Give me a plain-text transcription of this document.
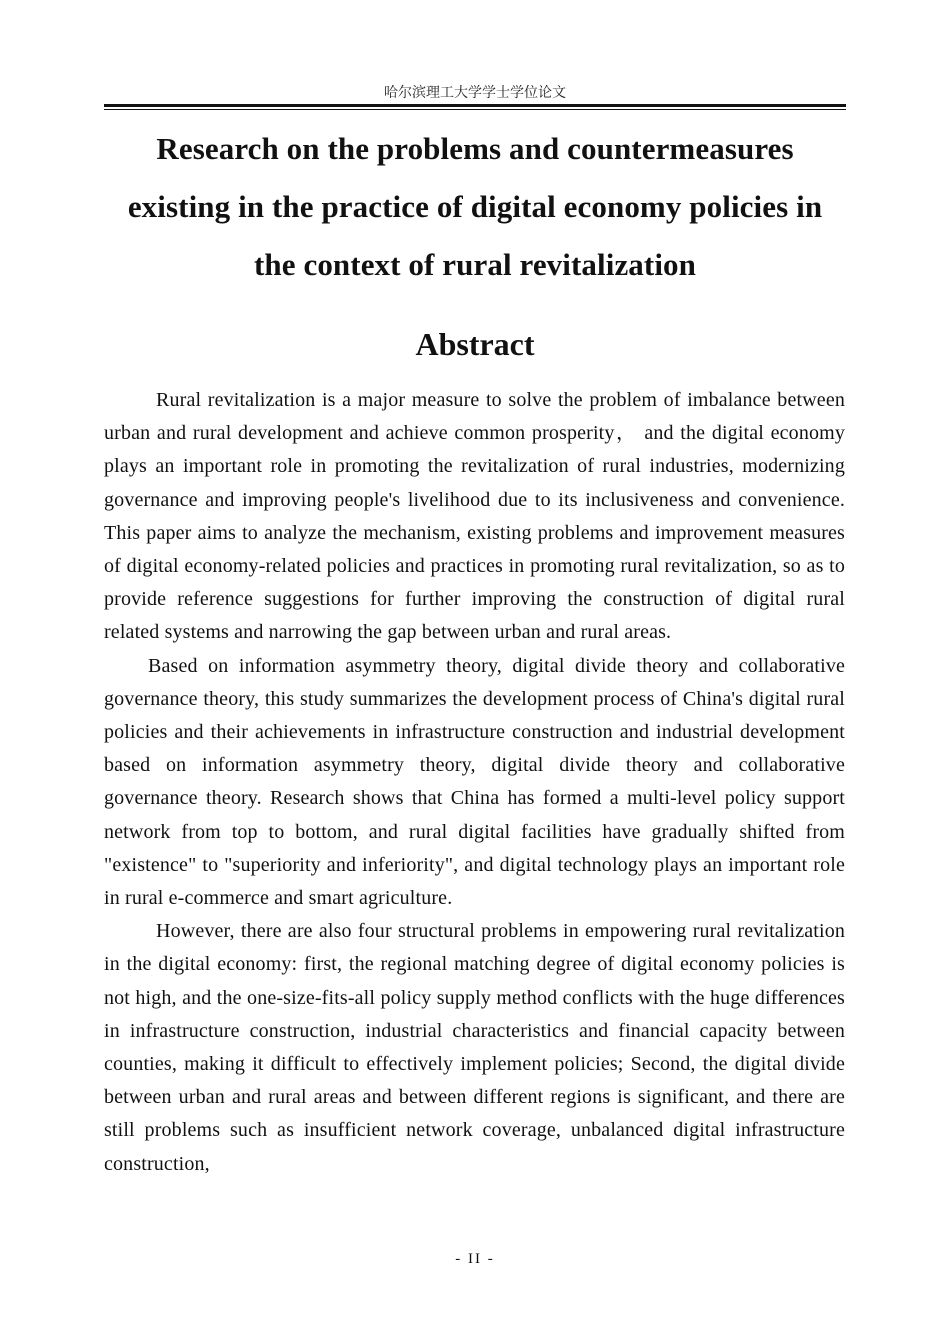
哈尔滨理工大学学士学位论文
Research on the problems and countermeasures existing in the practice of digital economy policies in the context of rural revitalization
Abstract

Rural revitalization is a major measure to solve the problem of imbalance between urban and rural development and achieve common prosperity， and the digital economy plays an important role in promoting the revitalization of rural industries, modernizing governance and improving people's livelihood due to its inclusiveness and convenience. This paper aims to analyze the mechanism, existing problems and improvement measures of digital economy-related policies and practices in promoting rural revitalization, so as to provide reference suggestions for further improving the construction of digital rural related systems and narrowing the gap between urban and rural areas.

Based on information asymmetry theory, digital divide theory and collaborative governance theory, this study summarizes the development process of China's digital rural policies and their achievements in infrastructure construction and industrial development based on information asymmetry theory, digital divide theory and collaborative governance theory. Research shows that China has formed a multi-level policy support network from top to bottom, and rural digital facilities have gradually shifted from "existence" to "superiority and inferiority", and digital technology plays an important role in rural e-commerce and smart agriculture.

However, there are also four structural problems in empowering rural revitalization in the digital economy: first, the regional matching degree of digital economy policies is not high, and the one-size-fits-all policy supply method conflicts with the huge differences in infrastructure construction, industrial characteristics and financial capacity between counties, making it difficult to effectively implement policies; Second, the digital divide between urban and rural areas and between different regions is significant, and there are still problems such as insufficient network coverage, unbalanced digital infrastructure construction,

- II -
